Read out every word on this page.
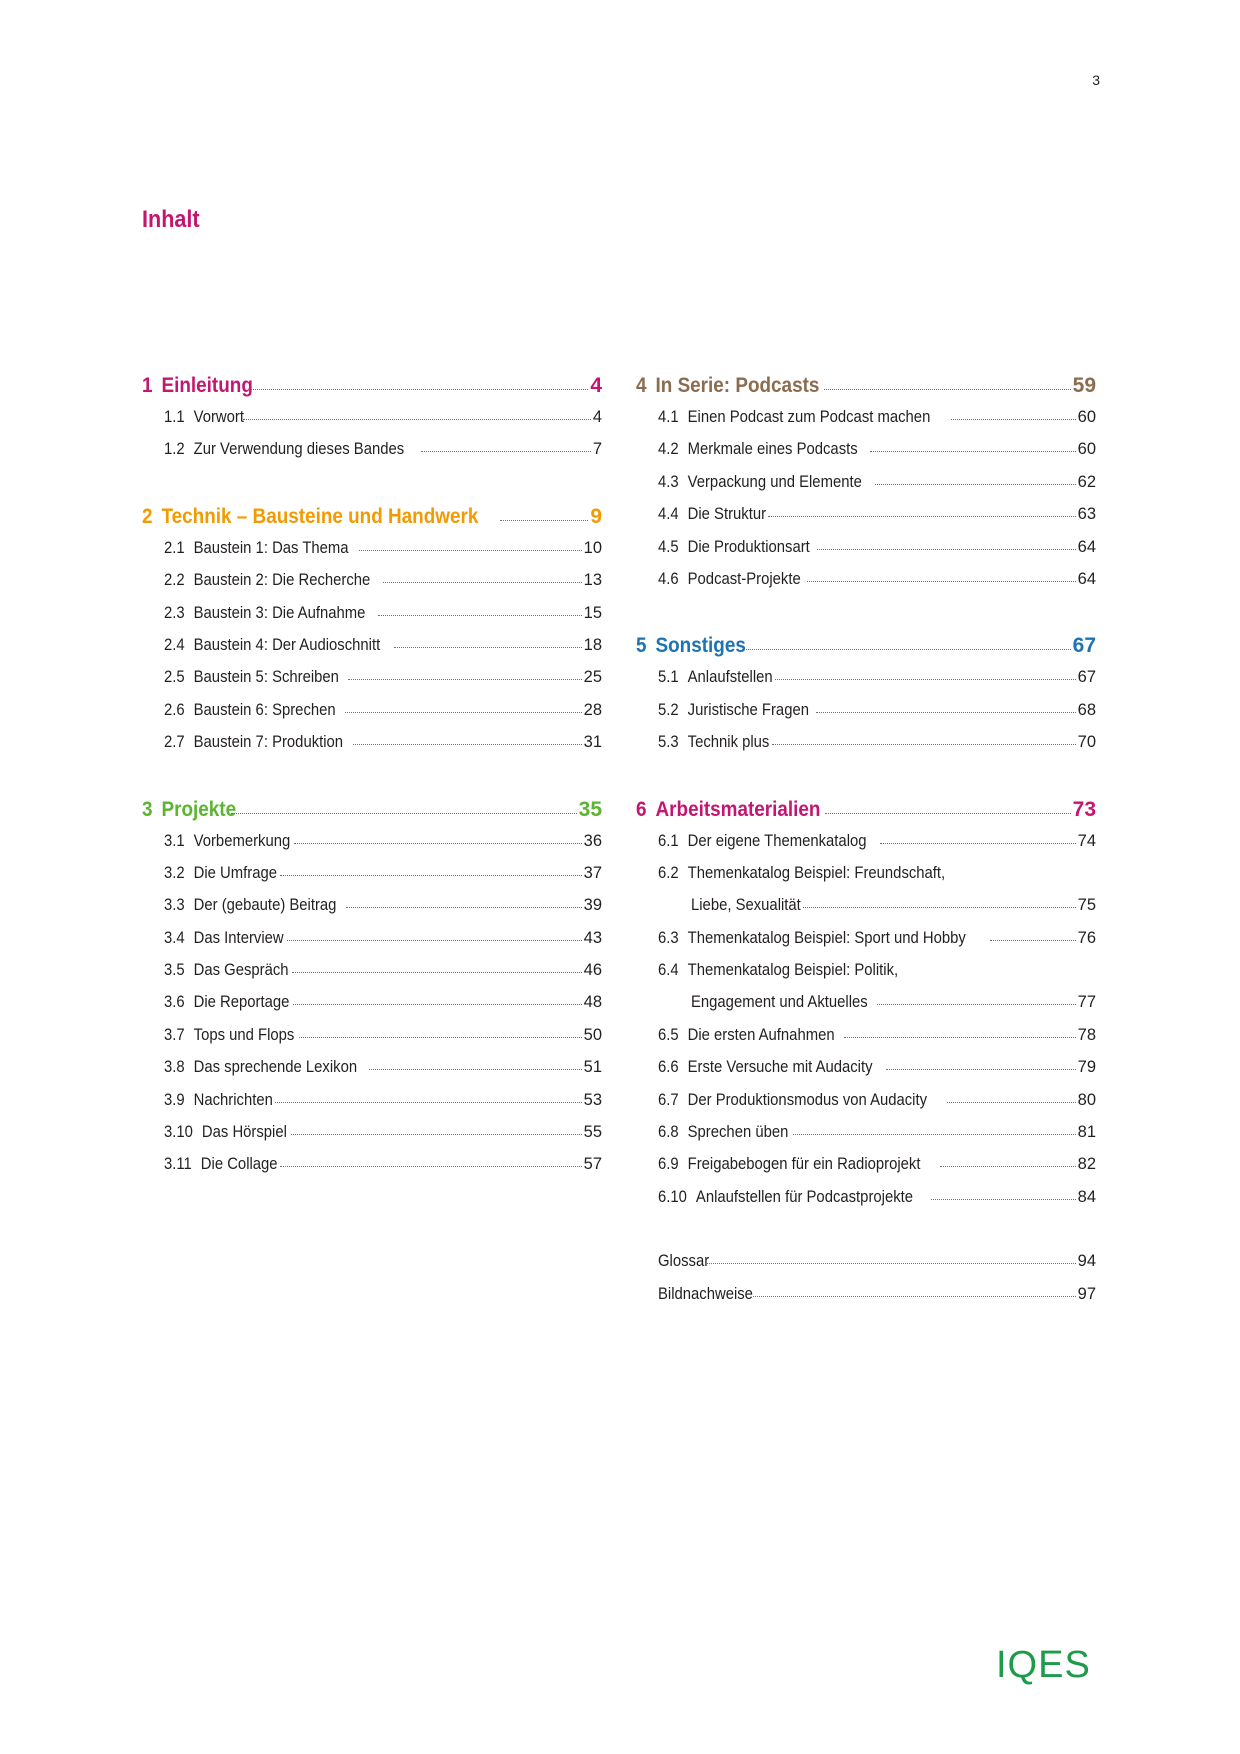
3
Inhalt
1 Einleitung	4
1.1 Vorwort	4
1.2 Zur Verwendung dieses Bandes	7
2 Technik – Bausteine und Handwerk	9
2.1 Baustein 1: Das Thema	10
2.2 Baustein 2: Die Recherche	13
2.3 Baustein 3: Die Aufnahme	15
2.4 Baustein 4: Der Audioschnitt	18
2.5 Baustein 5: Schreiben	25
2.6 Baustein 6: Sprechen	28
2.7 Baustein 7: Produktion	31
3 Projekte	35
3.1 Vorbemerkung	36
3.2 Die Umfrage	37
3.3 Der (gebaute) Beitrag	39
3.4 Das Interview	43
3.5 Das Gespräch	46
3.6 Die Reportage	48
3.7 Tops und Flops	50
3.8 Das sprechende Lexikon	51
3.9 Nachrichten	53
3.10 Das Hörspiel	55
3.11 Die Collage	57
4 In Serie: Podcasts	59
4.1 Einen Podcast zum Podcast machen	60
4.2 Merkmale eines Podcasts	60
4.3 Verpackung und Elemente	62
4.4 Die Struktur	63
4.5 Die Produktionsart	64
4.6 Podcast-Projekte	64
5 Sonstiges	67
5.1 Anlaufstellen	67
5.2 Juristische Fragen	68
5.3 Technik plus	70
6 Arbeitsmaterialien	73
6.1 Der eigene Themenkatalog	74
6.2 Themenkatalog Beispiel: Freundschaft,
Liebe, Sexualität	75
6.3 Themenkatalog Beispiel: Sport und Hobby	76
6.4 Themenkatalog Beispiel: Politik,
Engagement und Aktuelles	77
6.5 Die ersten Aufnahmen	78
6.6 Erste Versuche mit Audacity	79
6.7 Der Produktionsmodus von Audacity	80
6.8 Sprechen üben	81
6.9 Freigabebogen für ein Radioprojekt	82
6.10 Anlaufstellen für Podcastprojekte	84
Glossar	94
Bildnachweise	97
IQES
